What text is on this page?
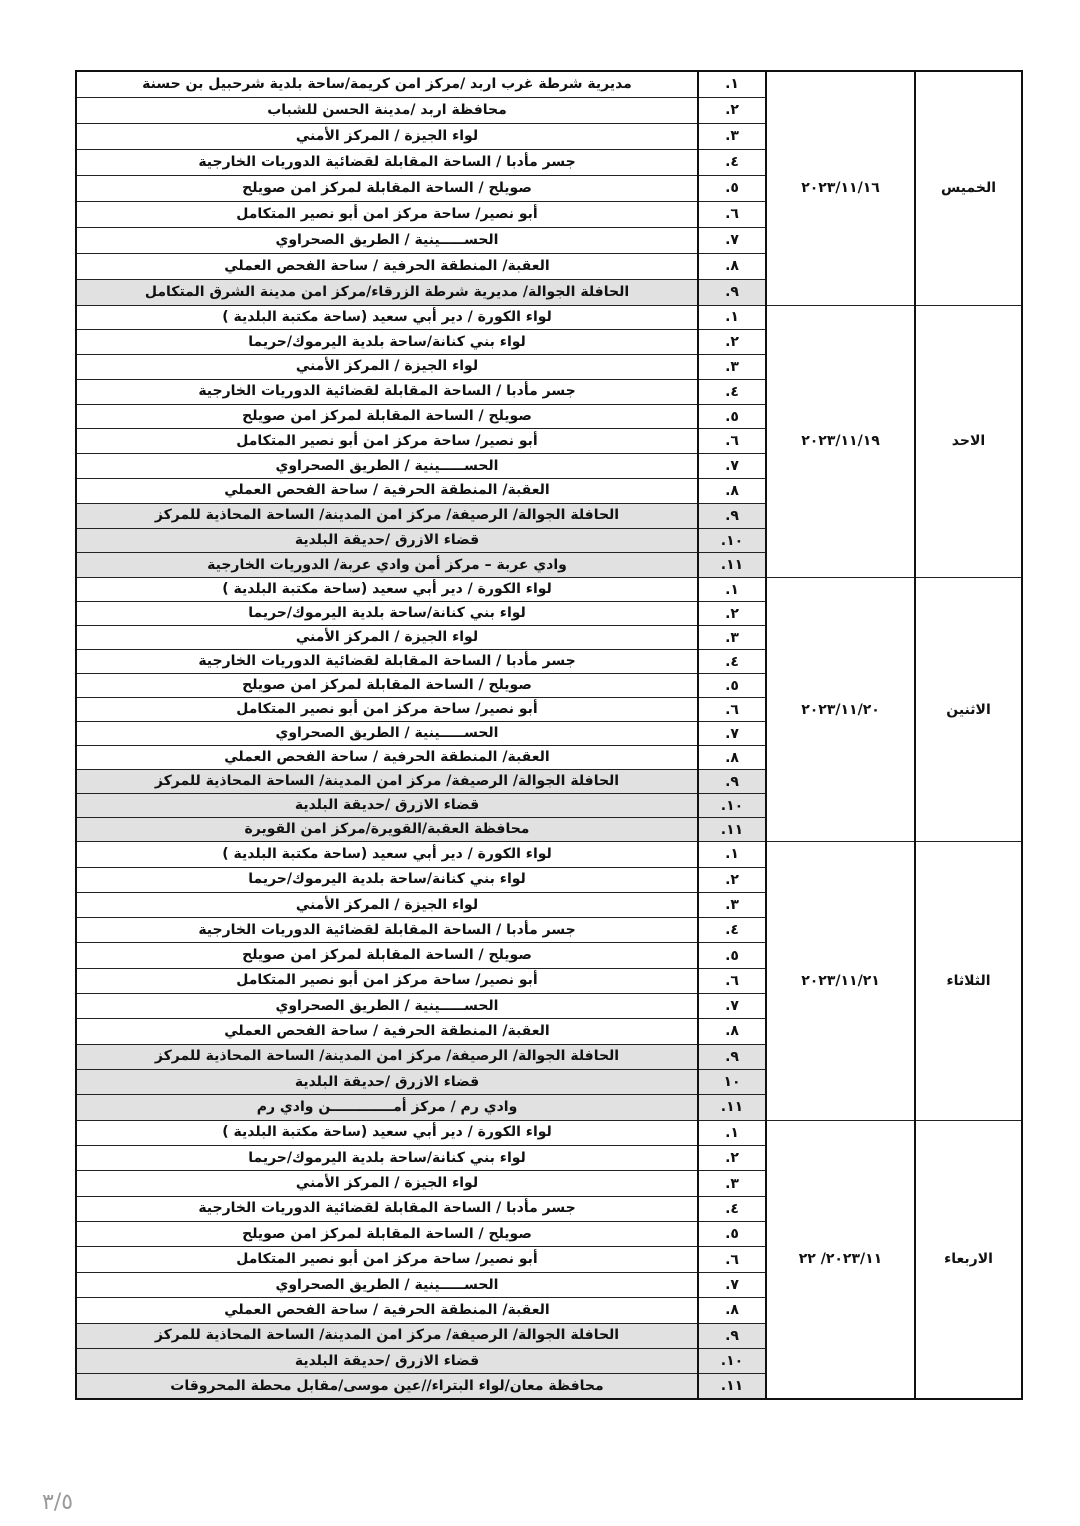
مديرية شرطة غرب اربد /مركز امن كريمة/ساحة بلدية شرحبيل بن حسنة	١.	٢٠٢٣/١١/١٦	الخميس
محافظة اربد /مدينة الحسن للشباب	٢.		
لواء الجيزة / المركز الأمني	٣.		
جسر مأدبا / الساحة المقابلة لقضائية الدوريات الخارجية	٤.		
صويلح / الساحة المقابلة لمركز امن صويلح	٥.		
أبو نصير/ ساحة مركز امن أبو نصير المتكامل	٦.		
الحســـــينية / الطريق الصحراوي	٧.		
العقبة/ المنطقة الحرفية / ساحة الفحص العملي	٨.		
الحافلة الجوالة/ مديرية شرطة الزرقاء/مركز امن مدينة الشرق المتكامل	٩.		
لواء الكورة / دير أبي سعيد (ساحة مكتبة البلدية )	١.	٢٠٢٣/١١/١٩	الاحد
لواء بني كنانة/ساحة بلدية اليرموك/حريما	٢.		
لواء الجيزة / المركز الأمني	٣.		
جسر مأدبا / الساحة المقابلة لقضائية الدوريات الخارجية	٤.		
صويلح / الساحة المقابلة لمركز امن صويلح	٥.		
أبو نصير/ ساحة مركز امن أبو نصير المتكامل	٦.		
الحســـــينية / الطريق الصحراوي	٧.		
العقبة/ المنطقة الحرفية / ساحة الفحص العملي	٨.		
الحافلة الجوالة/ الرصيفة/ مركز امن المدينة/ الساحة المحاذية للمركز	٩.		
قضاء الازرق /حديقة البلدية	١٠.		
وادي عربة – مركز أمن وادي عربة/ الدوريات الخارجية	١١.		
لواء الكورة / دير أبي سعيد (ساحة مكتبة البلدية )	١.	٢٠٢٣/١١/٢٠	الاثنين
لواء بني كنانة/ساحة بلدية اليرموك/حريما	٢.		
لواء الجيزة / المركز الأمني	٣.		
جسر مأدبا / الساحة المقابلة لقضائية الدوريات الخارجية	٤.		
صويلح / الساحة المقابلة لمركز امن صويلح	٥.		
أبو نصير/ ساحة مركز امن أبو نصير المتكامل	٦.		
الحســـــينية / الطريق الصحراوي	٧.		
العقبة/ المنطقة الحرفية / ساحة الفحص العملي	٨.		
الحافلة الجوالة/ الرصيفة/ مركز امن المدينة/ الساحة المحاذية للمركز	٩.		
قضاء الازرق /حديقة البلدية	١٠.		
محافظة العقبة/القويرة/مركز امن القويرة	١١.		
لواء الكورة / دير أبي سعيد (ساحة مكتبة البلدية )	١.	٢٠٢٣/١١/٢١	الثلاثاء
لواء بني كنانة/ساحة بلدية اليرموك/حريما	٢.		
لواء الجيزة / المركز الأمني	٣.		
جسر مأدبا / الساحة المقابلة لقضائية الدوريات الخارجية	٤.		
صويلح / الساحة المقابلة لمركز امن صويلح	٥.		
أبو نصير/ ساحة مركز امن أبو نصير المتكامل	٦.		
الحســـــينية / الطريق الصحراوي	٧.		
العقبة/ المنطقة الحرفية / ساحة الفحص العملي	٨.		
الحافلة الجوالة/ الرصيفة/ مركز امن المدينة/ الساحة المحاذية للمركز	٩.		
قضاء الازرق /حديقة البلدية	١٠		
وادي رم / مركز أمـــــــــــــن وادي رم	١١.		
لواء الكورة / دير أبي سعيد (ساحة مكتبة البلدية )	١.	٢٠٢٣/١١/ ٢٢	الاربعاء
لواء بني كنانة/ساحة بلدية اليرموك/حريما	٢.		
لواء الجيزة / المركز الأمني	٣.		
جسر مأدبا / الساحة المقابلة لقضائية الدوريات الخارجية	٤.		
صويلح / الساحة المقابلة لمركز امن صويلح	٥.		
أبو نصير/ ساحة مركز امن أبو نصير المتكامل	٦.		
الحســـــينية / الطريق الصحراوي	٧.		
العقبة/ المنطقة الحرفية / ساحة الفحص العملي	٨.		
الحافلة الجوالة/ الرصيفة/ مركز امن المدينة/ الساحة المحاذية للمركز	٩.		
قضاء الازرق /حديقة البلدية	١٠.		
محافظة معان/لواء البتراء//عين موسى/مقابل محطة المحروقات	١١.		
٣/٥
